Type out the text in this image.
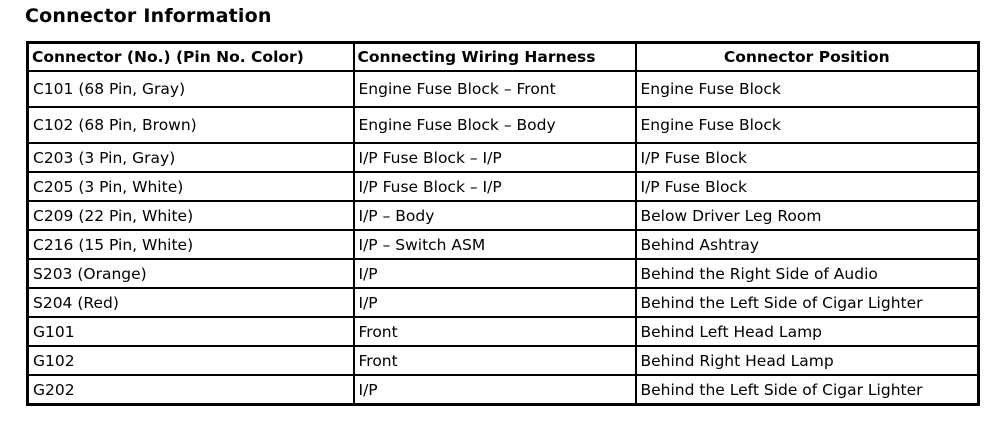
Connector Information
Connector (No.) (Pin No. Color)	Connecting Wiring Harness	Connector Position
C101 (68 Pin, Gray)	Engine Fuse Block – Front	Engine Fuse Block
C102 (68 Pin, Brown)	Engine Fuse Block – Body	Engine Fuse Block
C203 (3 Pin, Gray)	I/P Fuse Block – I/P	I/P Fuse Block
C205 (3 Pin, White)	I/P Fuse Block – I/P	I/P Fuse Block
C209 (22 Pin, White)	I/P – Body	Below Driver Leg Room
C216 (15 Pin, White)	I/P – Switch ASM	Behind Ashtray
S203 (Orange)	I/P	Behind the Right Side of Audio
S204 (Red)	I/P	Behind the Left Side of Cigar Lighter
G101	Front	Behind Left Head Lamp
G102	Front	Behind Right Head Lamp
G202	I/P	Behind the Left Side of Cigar Lighter
